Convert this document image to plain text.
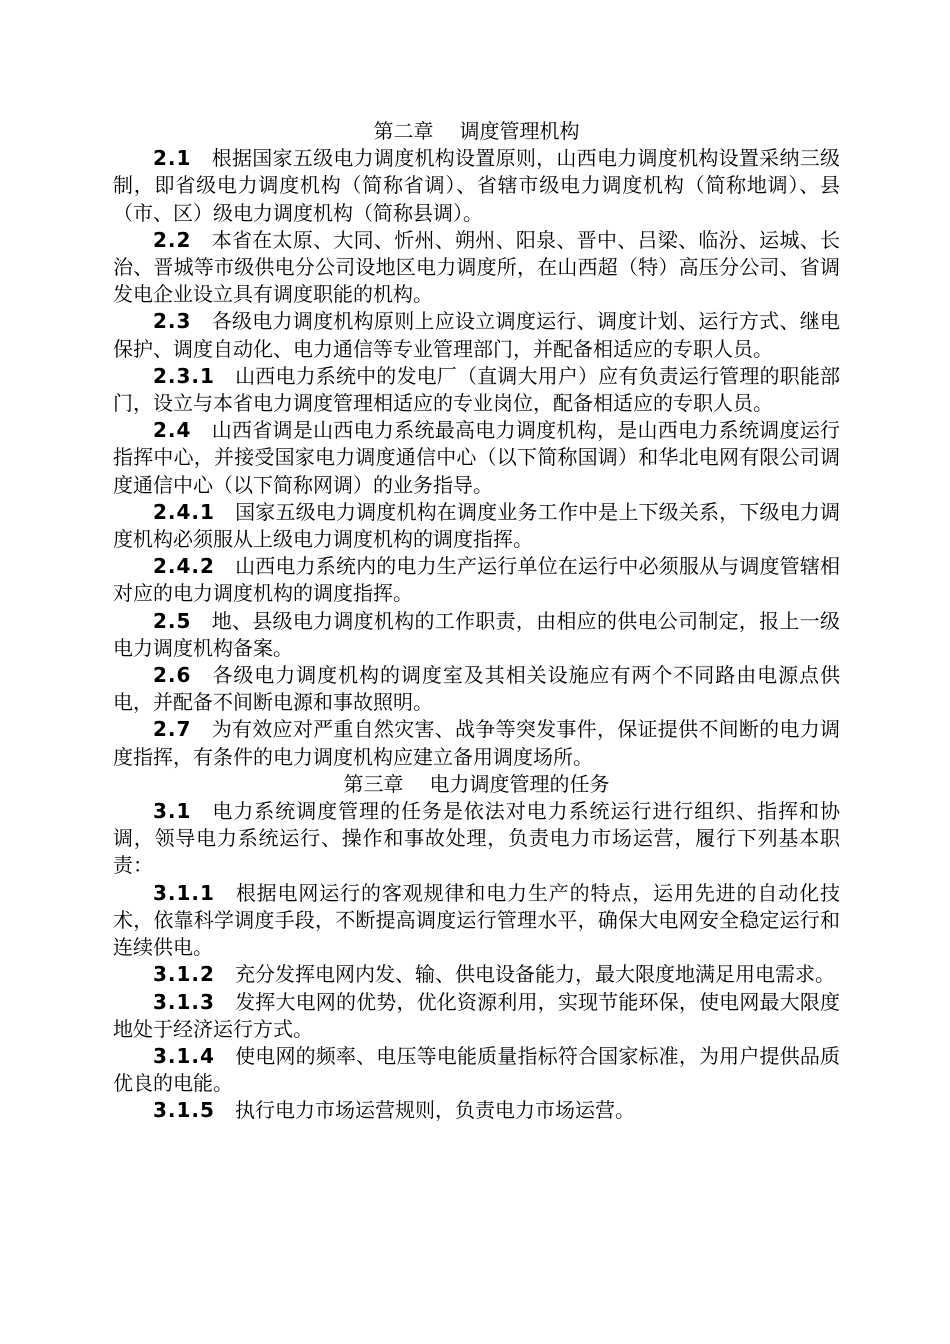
第二章 调度管理机构

2.1 根据国家五级电力调度机构设置原则，山西电力调度机构设置采纳三级制，即省级电力调度机构（简称省调）、省辖市级电力调度机构（简称地调）、县（市、区）级电力调度机构（简称县调）。

2.2 本省在太原、大同、忻州、朔州、阳泉、晋中、吕梁、临汾、运城、长治、晋城等市级供电分公司设地区电力调度所，在山西超（特）高压分公司、省调发电企业设立具有调度职能的机构。

2.3 各级电力调度机构原则上应设立调度运行、调度计划、运行方式、继电保护、调度自动化、电力通信等专业管理部门，并配备相适应的专职人员。

2.3.1 山西电力系统中的发电厂（直调大用户）应有负责运行管理的职能部门，设立与本省电力调度管理相适应的专业岗位，配备相适应的专职人员。

2.4 山西省调是山西电力系统最高电力调度机构，是山西电力系统调度运行指挥中心，并接受国家电力调度通信中心（以下简称国调）和华北电网有限公司调度通信中心（以下简称网调）的业务指导。

2.4.1 国家五级电力调度机构在调度业务工作中是上下级关系，下级电力调度机构必须服从上级电力调度机构的调度指挥。

2.4.2 山西电力系统内的电力生产运行单位在运行中必须服从与调度管辖相对应的电力调度机构的调度指挥。

2.5 地、县级电力调度机构的工作职责，由相应的供电公司制定，报上一级电力调度机构备案。

2.6 各级电力调度机构的调度室及其相关设施应有两个不同路由电源点供电，并配备不间断电源和事故照明。

2.7 为有效应对严重自然灾害、战争等突发事件，保证提供不间断的电力调度指挥，有条件的电力调度机构应建立备用调度场所。

第三章 电力调度管理的任务

3.1 电力系统调度管理的任务是依法对电力系统运行进行组织、指挥和协调，领导电力系统运行、操作和事故处理，负责电力市场运营，履行下列基本职责：

3.1.1 根据电网运行的客观规律和电力生产的特点，运用先进的自动化技术，依靠科学调度手段，不断提高调度运行管理水平，确保大电网安全稳定运行和连续供电。

3.1.2 充分发挥电网内发、输、供电设备能力，最大限度地满足用电需求。

3.1.3 发挥大电网的优势，优化资源利用，实现节能环保，使电网最大限度地处于经济运行方式。

3.1.4 使电网的频率、电压等电能质量指标符合国家标准，为用户提供品质优良的电能。

3.1.5 执行电力市场运营规则，负责电力市场运营。
